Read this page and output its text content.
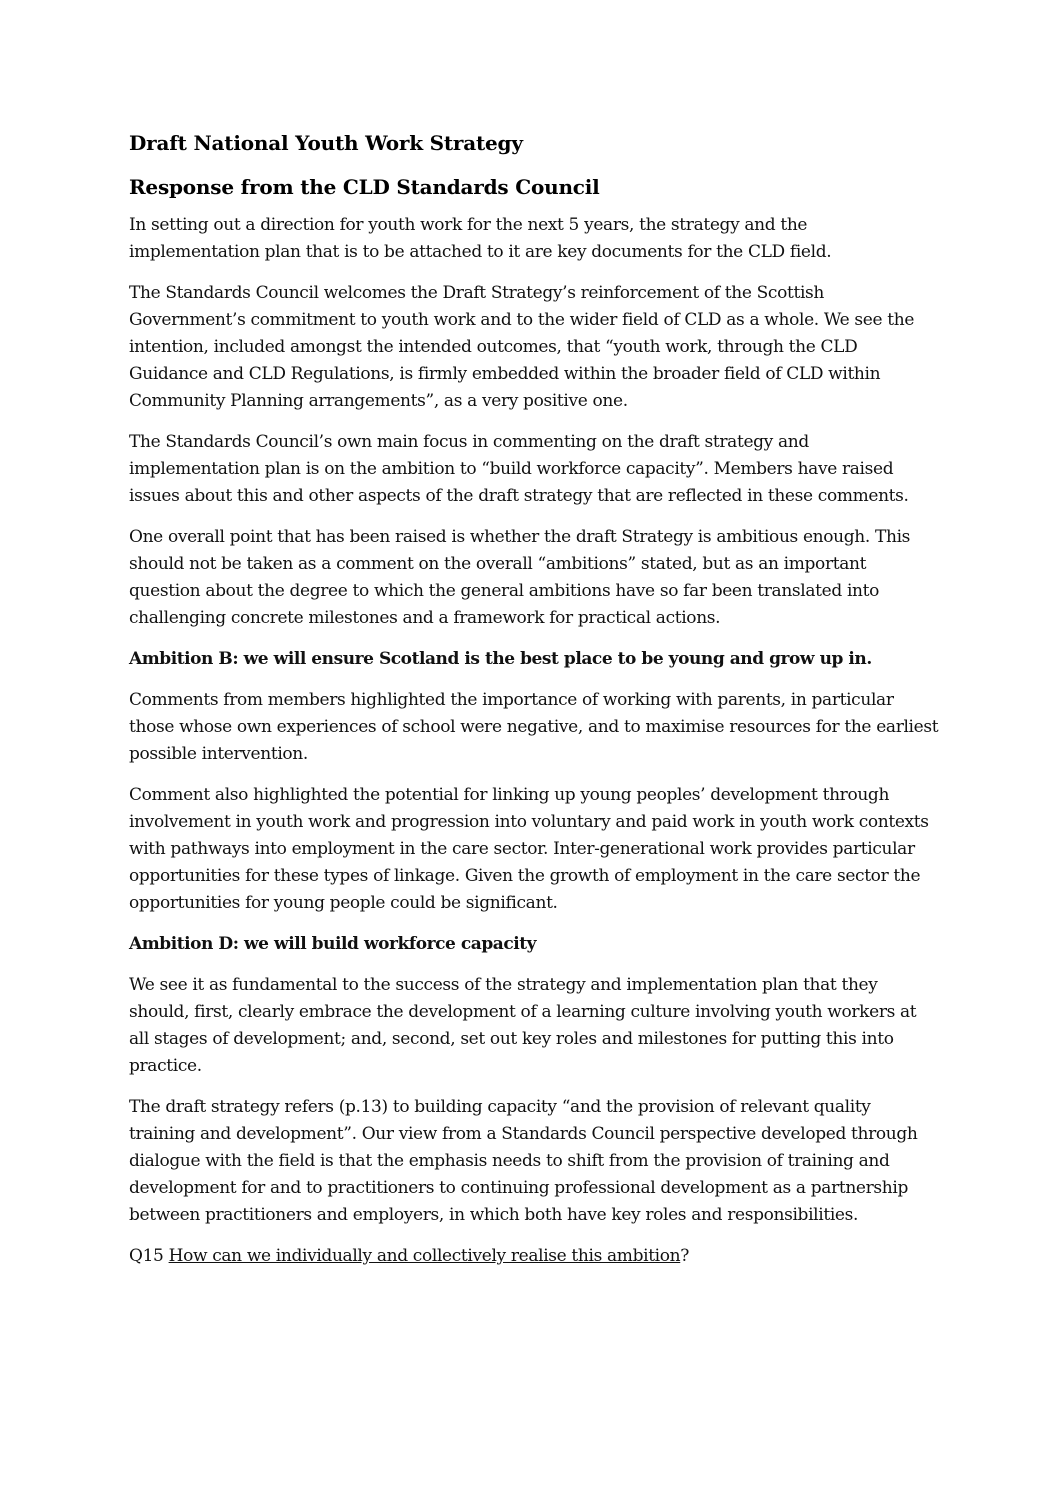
Draft National Youth Work Strategy
Response from the CLD Standards Council

In setting out a direction for youth work for the next 5 years, the strategy and the implementation plan that is to be attached to it are key documents for the CLD field.

The Standards Council welcomes the Draft Strategy’s reinforcement of the Scottish Government’s commitment to youth work and to the wider field of CLD as a whole. We see the intention, included amongst the intended outcomes, that “youth work, through the CLD Guidance and CLD Regulations, is firmly embedded within the broader field of CLD within Community Planning arrangements”, as a very positive one.

The Standards Council’s own main focus in commenting on the draft strategy and implementation plan is on the ambition to “build workforce capacity”. Members have raised issues about this and other aspects of the draft strategy that are reflected in these comments.

One overall point that has been raised is whether the draft Strategy is ambitious enough. This should not be taken as a comment on the overall “ambitions” stated, but as an important question about the degree to which the general ambitions have so far been translated into challenging concrete milestones and a framework for practical actions.

Ambition B: we will ensure Scotland is the best place to be young and grow up in.

Comments from members highlighted the importance of working with parents, in particular those whose own experiences of school were negative, and to maximise resources for the earliest possible intervention.

Comment also highlighted the potential for linking up young peoples’ development through involvement in youth work and progression into voluntary and paid work in youth work contexts with pathways into employment in the care sector. Inter-generational work provides particular opportunities for these types of linkage. Given the growth of employment in the care sector the opportunities for young people could be significant.

Ambition D: we will build workforce capacity

We see it as fundamental to the success of the strategy and implementation plan that they should, first, clearly embrace the development of a learning culture involving youth workers at all stages of development; and, second, set out key roles and milestones for putting this into practice.

The draft strategy refers (p.13) to building capacity “and the provision of relevant quality training and development”. Our view from a Standards Council perspective developed through dialogue with the field is that the emphasis needs to shift from the provision of training and development for and to practitioners to continuing professional development as a partnership between practitioners and employers, in which both have key roles and responsibilities.

Q15 How can we individually and collectively realise this ambition?
